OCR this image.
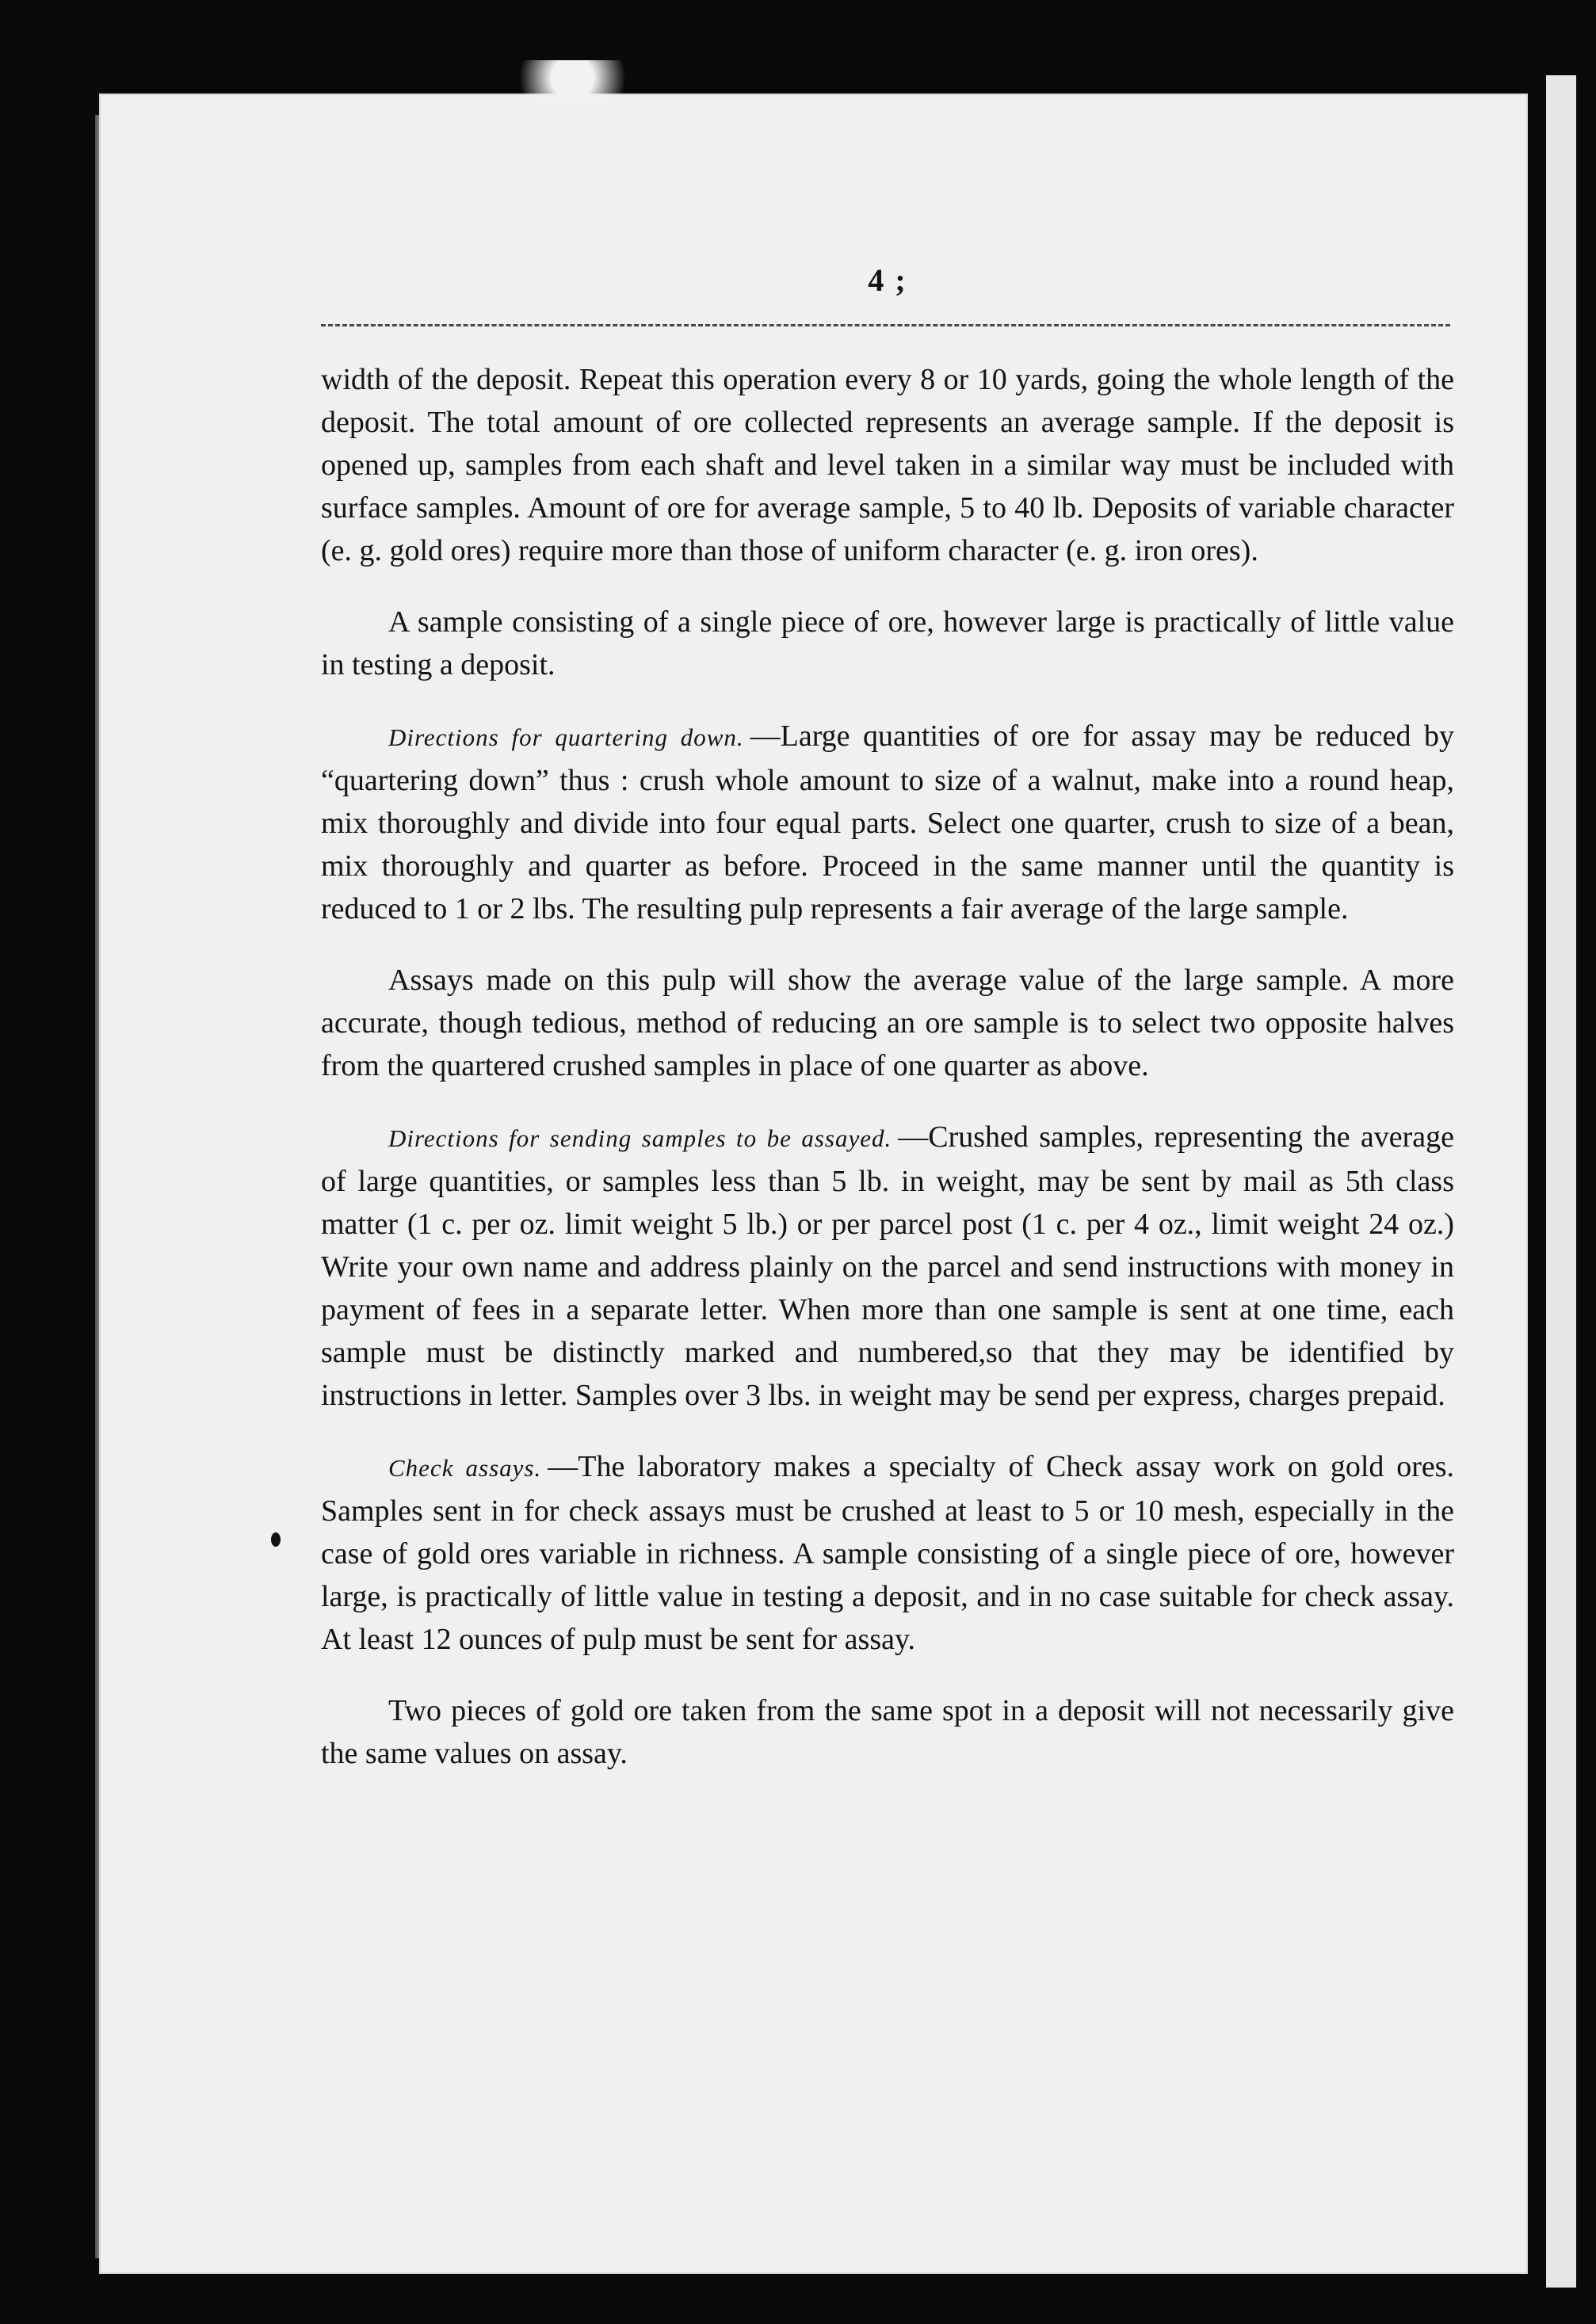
4 ;

width of the deposit. Repeat this operation every 8 or 10 yards, going the whole length of the deposit. The total amount of ore collected represents an average sample. If the deposit is opened up, samples from each shaft and level taken in a similar way must be included with surface samples. Amount of ore for average sample, 5 to 40 lb. Deposits of variable character (e. g. gold ores) require more than those of uniform character (e. g. iron ores).

A sample consisting of a single piece of ore, however large is practically of little value in testing a deposit.

Directions for quartering down. —Large quantities of ore for assay may be reduced by “quartering down” thus : crush whole amount to size of a walnut, make into a round heap, mix thoroughly and divide into four equal parts. Select one quarter, crush to size of a bean, mix thoroughly and quarter as before. Proceed in the same manner until the quantity is reduced to 1 or 2 lbs. The resulting pulp represents a fair average of the large sample.

Assays made on this pulp will show the average value of the large sample. A more accurate, though tedious, method of reducing an ore sample is to select two opposite halves from the quartered crushed samples in place of one quarter as above.

Directions for sending samples to be assayed. —Crushed samples, representing the average of large quantities, or samples less than 5 lb. in weight, may be sent by mail as 5th class matter (1 c. per oz. limit weight 5 lb.) or per parcel post (1 c. per 4 oz., limit weight 24 oz.) Write your own name and address plainly on the parcel and send instructions with money in payment of fees in a separate letter. When more than one sample is sent at one time, each sample must be distinctly marked and numbered,so that they may be identified by instructions in letter. Samples over 3 lbs. in weight may be send per express, charges prepaid.

Check assays. —The laboratory makes a specialty of Check assay work on gold ores. Samples sent in for check assays must be crushed at least to 5 or 10 mesh, especially in the case of gold ores variable in richness. A sample consisting of a single piece of ore, however large, is practically of little value in testing a deposit, and in no case suitable for check assay. At least 12 ounces of pulp must be sent for assay.

Two pieces of gold ore taken from the same spot in a deposit will not necessarily give the same values on assay.
